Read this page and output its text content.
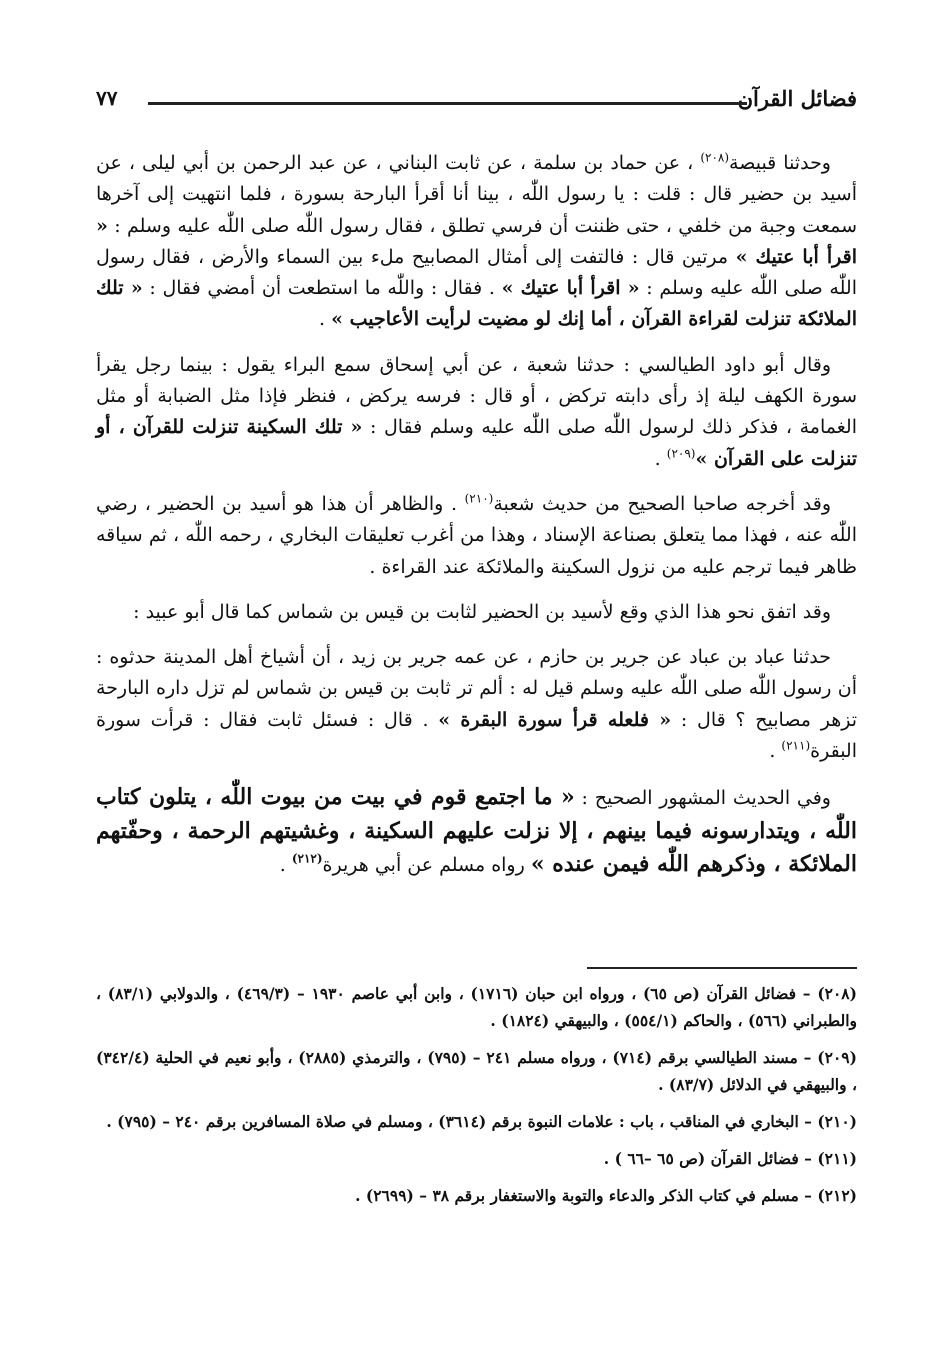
فضائل القرآن
٧٧

وحدثنا قبيصة$^{(٢٠٨)}$ ، عن حماد بن سلمة ، عن ثابت البناني ، عن عبد الرحمن بن أبي ليلى ، عن أسيد بن حضير قال : قلت : يا رسول اللّٰه ، بينا أنا أقرأ البارحة بسورة ، فلما انتهيت إلى آخرها سمعت وجبة من خلفي ، حتى ظننت أن فرسي تطلق ، فقال رسول اللّٰه صلى اللّٰه عليه وسلم : « اقرأ أبا عتيك » مرتين قال : فالتفت إلى أمثال المصابيح ملء بين السماء والأرض ، فقال رسول اللّٰه صلى اللّٰه عليه وسلم : « اقرأ أبا عتيك » . فقال : واللّٰه ما استطعت أن أمضي فقال : « تلك الملائكة تنزلت لقراءة القرآن ، أما إنك لو مضيت لرأيت الأعاجيب » .

وقال أبو داود الطيالسي : حدثنا شعبة ، عن أبي إسحاق سمع البراء يقول : بينما رجل يقرأ سورة الكهف ليلة إذ رأى دابته تركض ، أو قال : فرسه يركض ، فنظر فإذا مثل الضبابة أو مثل الغمامة ، فذكر ذلك لرسول اللّٰه صلى اللّٰه عليه وسلم فقال : « تلك السكينة تنزلت للقرآن ، أو تنزلت على القرآن »$^{(٢٠٩)}$ .

وقد أخرجه صاحبا الصحيح من حديث شعبة$^{(٢١٠)}$ . والظاهر أن هذا هو أسيد بن الحضير ، رضي اللّٰه عنه ، فهذا مما يتعلق بصناعة الإسناد ، وهذا من أغرب تعليقات البخاري ، رحمه اللّٰه ، ثم سياقه ظاهر فيما ترجم عليه من نزول السكينة والملائكة عند القراءة .

وقد اتفق نحو هذا الذي وقع لأسيد بن الحضير لثابت بن قيس بن شماس كما قال أبو عبيد :

حدثنا عباد بن عباد عن جرير بن حازم ، عن عمه جرير بن زيد ، أن أشياخ أهل المدينة حدثوه : أن رسول اللّٰه صلى اللّٰه عليه وسلم قيل له : ألم تر ثابت بن قيس بن شماس لم تزل داره البارحة تزهر مصابيح ؟ قال : « فلعله قرأ سورة البقرة » . قال : فسئل ثابت فقال : قرأت سورة البقرة$^{(٢١١)}$ .

وفي الحديث المشهور الصحيح : « ما اجتمع قوم في بيت من بيوت اللّٰه ، يتلون كتاب اللّٰه ، ويتدارسونه فيما بينهم ، إلا نزلت عليهم السكينة ، وغشيتهم الرحمة ، وحفّتهم الملائكة ، وذكرهم اللّٰه فيمن عنده » رواه مسلم عن أبي هريرة$^{(٢١٢)}$ .

(٢٠٨) – فضائل القرآن (ص ٦٥) ، ورواه ابن حبان (١٧١٦) ، وابن أبي عاصم ١٩٣٠ – (٤٦٩/٣) ، والدولابي (٨٣/١) ، والطبراني (٥٦٦) ، والحاكم (٥٥٤/١) ، والبيهقي (١٨٢٤) .

(٢٠٩) – مسند الطيالسي برقم (٧١٤) ، ورواه مسلم ٢٤١ – (٧٩٥) ، والترمذي (٢٨٨٥) ، وأبو نعيم في الحلية (٣٤٢/٤) ، والبيهقي في الدلائل (٨٣/٧) .

(٢١٠) – البخاري في المناقب ، باب : علامات النبوة برقم (٣٦١٤) ، ومسلم في صلاة المسافرين برقم ٢٤٠ – (٧٩٥) .

(٢١١) – فضائل القرآن (ص ٦٥ –٦٦ ) .

(٢١٢) – مسلم في كتاب الذكر والدعاء والتوبة والاستغفار برقم ٣٨ – (٢٦٩٩) .
